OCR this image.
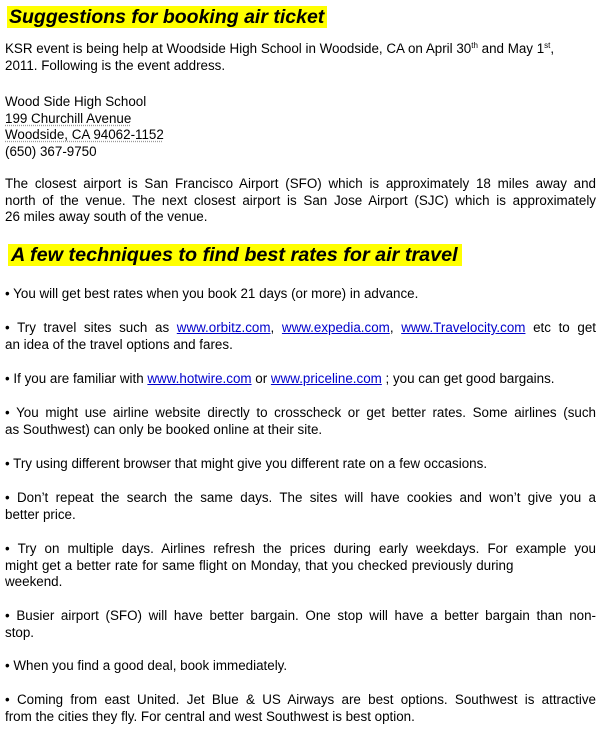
Suggestions for booking air ticket
KSR event is being help at Woodside High School in Woodside, CA on April 30th and May 1st,
2011. Following is the event address.
Wood Side High School
199 Churchill Avenue
Woodside, CA 94062-1152
(650) 367-9750
The closest airport is San Francisco Airport (SFO) which is approximately 18 miles away and
north of the venue. The next closest airport is San Jose Airport (SJC) which is approximately
26 miles away south of the venue.
A few techniques to find best rates for air travel
• You will get best rates when you book 21 days (or more) in advance.
• Try travel sites such as www.orbitz.com, www.expedia.com, www.Travelocity.com etc to get
an idea of the travel options and fares.
• If you are familiar with www.hotwire.com or www.priceline.com ; you can get good bargains.
• You might use airline website directly to crosscheck or get better rates. Some airlines (such
as Southwest) can only be booked online at their site.
• Try using different browser that might give you different rate on a few occasions.
• Don’t repeat the search the same days. The sites will have cookies and won’t give you a
better price.
• Try on multiple days. Airlines refresh the prices during early weekdays. For example you
might get a better rate for same flight on Monday, that you checked previously during
weekend.
• Busier airport (SFO) will have better bargain. One stop will have a better bargain than non-
stop.
• When you find a good deal, book immediately.
• Coming from east United. Jet Blue & US Airways are best options. Southwest is attractive
from the cities they fly. For central and west Southwest is best option.
